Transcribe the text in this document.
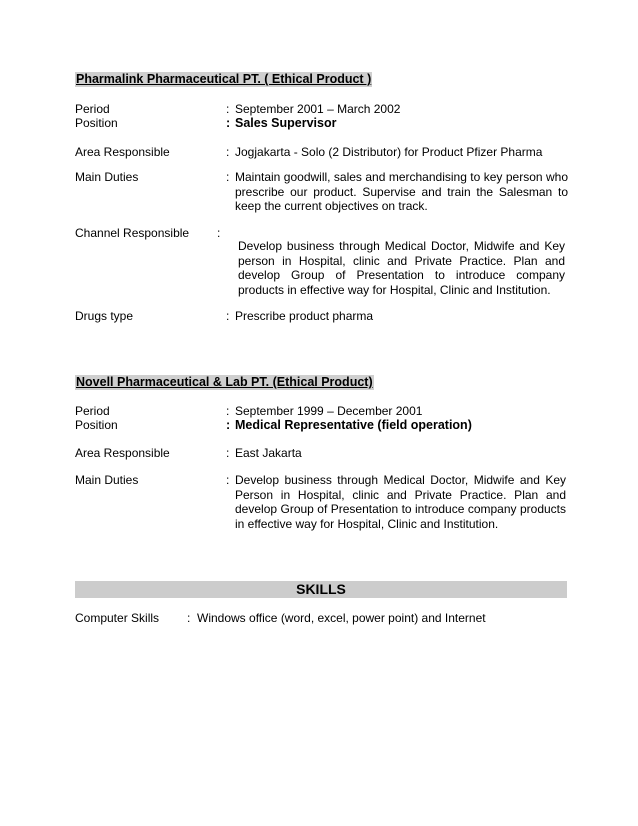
Pharmalink Pharmaceutical PT. ( Ethical Product )
Period	: September 2001 – March 2002
Position	: Sales Supervisor
Area Responsible	: Jogjakarta - Solo (2 Distributor) for Product Pfizer Pharma
Main Duties	: Maintain goodwill, sales and merchandising to key person who prescribe our product. Supervise and train the Salesman to keep the current objectives on track.
Channel Responsible :
Develop business through Medical Doctor, Midwife and Key person in Hospital, clinic and Private Practice. Plan and develop Group of Presentation to introduce company products in effective way for Hospital, Clinic and Institution.
Drugs type	: Prescribe product pharma
Novell Pharmaceutical & Lab PT. (Ethical Product)
Period	: September 1999 – December 2001
Position	: Medical Representative (field operation)
Area Responsible	: East Jakarta
Main Duties	: Develop business through Medical Doctor, Midwife and Key Person in Hospital, clinic and Private Practice. Plan and develop Group of Presentation to introduce company products in effective way for Hospital, Clinic and Institution.
SKILLS
Computer Skills : Windows office (word, excel, power point) and Internet
